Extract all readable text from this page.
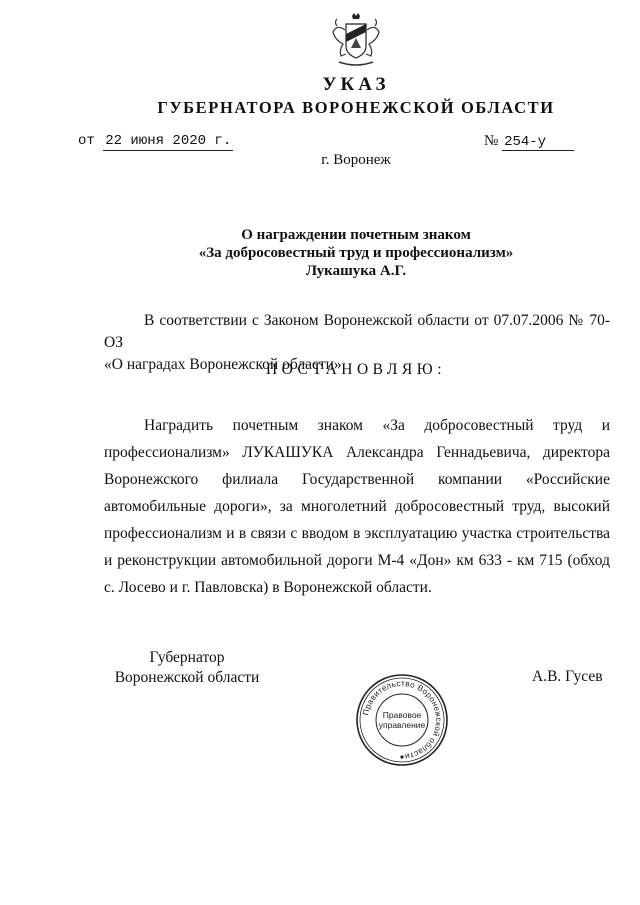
УКАЗ
ГУБЕРНАТОРА ВОРОНЕЖСКОЙ ОБЛАСТИ
от 22 июня 2020 г.	№ 254-у
г. Воронеж
О награждении почетным знаком
«За добросовестный труд и профессионализм»
Лукашука А.Г.
В соответствии с Законом Воронежской области от 07.07.2006 № 70-ОЗ
«О наградах Воронежской области»
ПОСТАНОВЛЯЮ:
Наградить почетным знаком «За добросовестный труд и профессионализм» ЛУКАШУКА Александра Геннадьевича, директора Воронежского филиала Государственной компании «Российские автомобильные дороги», за многолетний добросовестный труд, высокий профессионализм и в связи с вводом в эксплуатацию участка строительства и реконструкции автомобильной дороги М-4 «Дон» км 633 - км 715 (обход с. Лосево и г. Павловска) в Воронежской области.
Губернатор
Воронежской области
Правительство Воронежской области
Правовое
управление
А.В. Гусев
